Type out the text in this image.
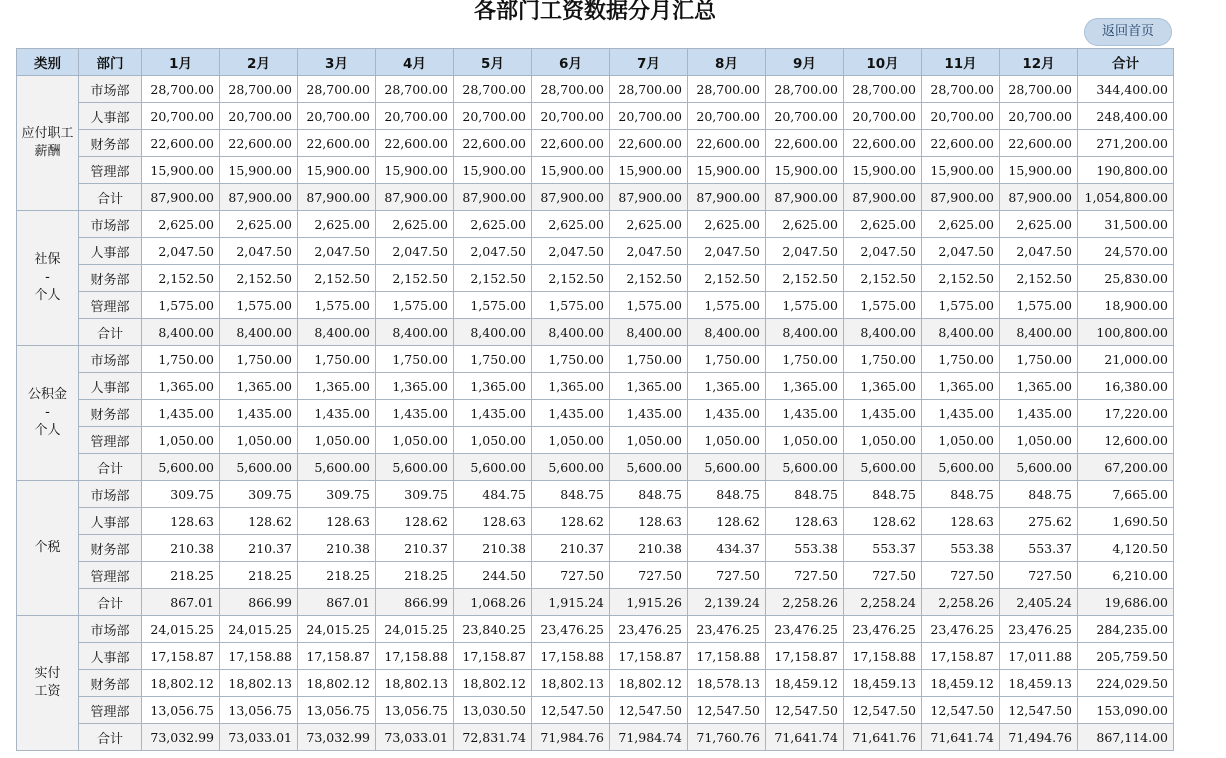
各部门工资数据分月汇总
返回首页
类别	部门	1月	2月	3月	4月	5月	6月	7月	8月	9月	10月	11月	12月	合计
应付职工薪酬	市场部	28,700.00	28,700.00	28,700.00	28,700.00	28,700.00	28,700.00	28,700.00	28,700.00	28,700.00	28,700.00	28,700.00	28,700.00	344,400.00
	人事部	20,700.00	20,700.00	20,700.00	20,700.00	20,700.00	20,700.00	20,700.00	20,700.00	20,700.00	20,700.00	20,700.00	20,700.00	248,400.00
	财务部	22,600.00	22,600.00	22,600.00	22,600.00	22,600.00	22,600.00	22,600.00	22,600.00	22,600.00	22,600.00	22,600.00	22,600.00	271,200.00
	管理部	15,900.00	15,900.00	15,900.00	15,900.00	15,900.00	15,900.00	15,900.00	15,900.00	15,900.00	15,900.00	15,900.00	15,900.00	190,800.00
	合计	87,900.00	87,900.00	87,900.00	87,900.00	87,900.00	87,900.00	87,900.00	87,900.00	87,900.00	87,900.00	87,900.00	87,900.00	1,054,800.00
社保
-
个人	市场部	2,625.00	2,625.00	2,625.00	2,625.00	2,625.00	2,625.00	2,625.00	2,625.00	2,625.00	2,625.00	2,625.00	2,625.00	31,500.00
	人事部	2,047.50	2,047.50	2,047.50	2,047.50	2,047.50	2,047.50	2,047.50	2,047.50	2,047.50	2,047.50	2,047.50	2,047.50	24,570.00
	财务部	2,152.50	2,152.50	2,152.50	2,152.50	2,152.50	2,152.50	2,152.50	2,152.50	2,152.50	2,152.50	2,152.50	2,152.50	25,830.00
	管理部	1,575.00	1,575.00	1,575.00	1,575.00	1,575.00	1,575.00	1,575.00	1,575.00	1,575.00	1,575.00	1,575.00	1,575.00	18,900.00
	合计	8,400.00	8,400.00	8,400.00	8,400.00	8,400.00	8,400.00	8,400.00	8,400.00	8,400.00	8,400.00	8,400.00	8,400.00	100,800.00
公积金
-
个人	市场部	1,750.00	1,750.00	1,750.00	1,750.00	1,750.00	1,750.00	1,750.00	1,750.00	1,750.00	1,750.00	1,750.00	1,750.00	21,000.00
	人事部	1,365.00	1,365.00	1,365.00	1,365.00	1,365.00	1,365.00	1,365.00	1,365.00	1,365.00	1,365.00	1,365.00	1,365.00	16,380.00
	财务部	1,435.00	1,435.00	1,435.00	1,435.00	1,435.00	1,435.00	1,435.00	1,435.00	1,435.00	1,435.00	1,435.00	1,435.00	17,220.00
	管理部	1,050.00	1,050.00	1,050.00	1,050.00	1,050.00	1,050.00	1,050.00	1,050.00	1,050.00	1,050.00	1,050.00	1,050.00	12,600.00
	合计	5,600.00	5,600.00	5,600.00	5,600.00	5,600.00	5,600.00	5,600.00	5,600.00	5,600.00	5,600.00	5,600.00	5,600.00	67,200.00
个税	市场部	309.75	309.75	309.75	309.75	484.75	848.75	848.75	848.75	848.75	848.75	848.75	848.75	7,665.00
	人事部	128.63	128.62	128.63	128.62	128.63	128.62	128.63	128.62	128.63	128.62	128.63	275.62	1,690.50
	财务部	210.38	210.37	210.38	210.37	210.38	210.37	210.38	434.37	553.38	553.37	553.38	553.37	4,120.50
	管理部	218.25	218.25	218.25	218.25	244.50	727.50	727.50	727.50	727.50	727.50	727.50	727.50	6,210.00
	合计	867.01	866.99	867.01	866.99	1,068.26	1,915.24	1,915.26	2,139.24	2,258.26	2,258.24	2,258.26	2,405.24	19,686.00
实付
工资	市场部	24,015.25	24,015.25	24,015.25	24,015.25	23,840.25	23,476.25	23,476.25	23,476.25	23,476.25	23,476.25	23,476.25	23,476.25	284,235.00
	人事部	17,158.87	17,158.88	17,158.87	17,158.88	17,158.87	17,158.88	17,158.87	17,158.88	17,158.87	17,158.88	17,158.87	17,011.88	205,759.50
	财务部	18,802.12	18,802.13	18,802.12	18,802.13	18,802.12	18,802.13	18,802.12	18,578.13	18,459.12	18,459.13	18,459.12	18,459.13	224,029.50
	管理部	13,056.75	13,056.75	13,056.75	13,056.75	13,030.50	12,547.50	12,547.50	12,547.50	12,547.50	12,547.50	12,547.50	12,547.50	153,090.00
	合计	73,032.99	73,033.01	73,032.99	73,033.01	72,831.74	71,984.76	71,984.74	71,760.76	71,641.74	71,641.76	71,641.74	71,494.76	867,114.00
